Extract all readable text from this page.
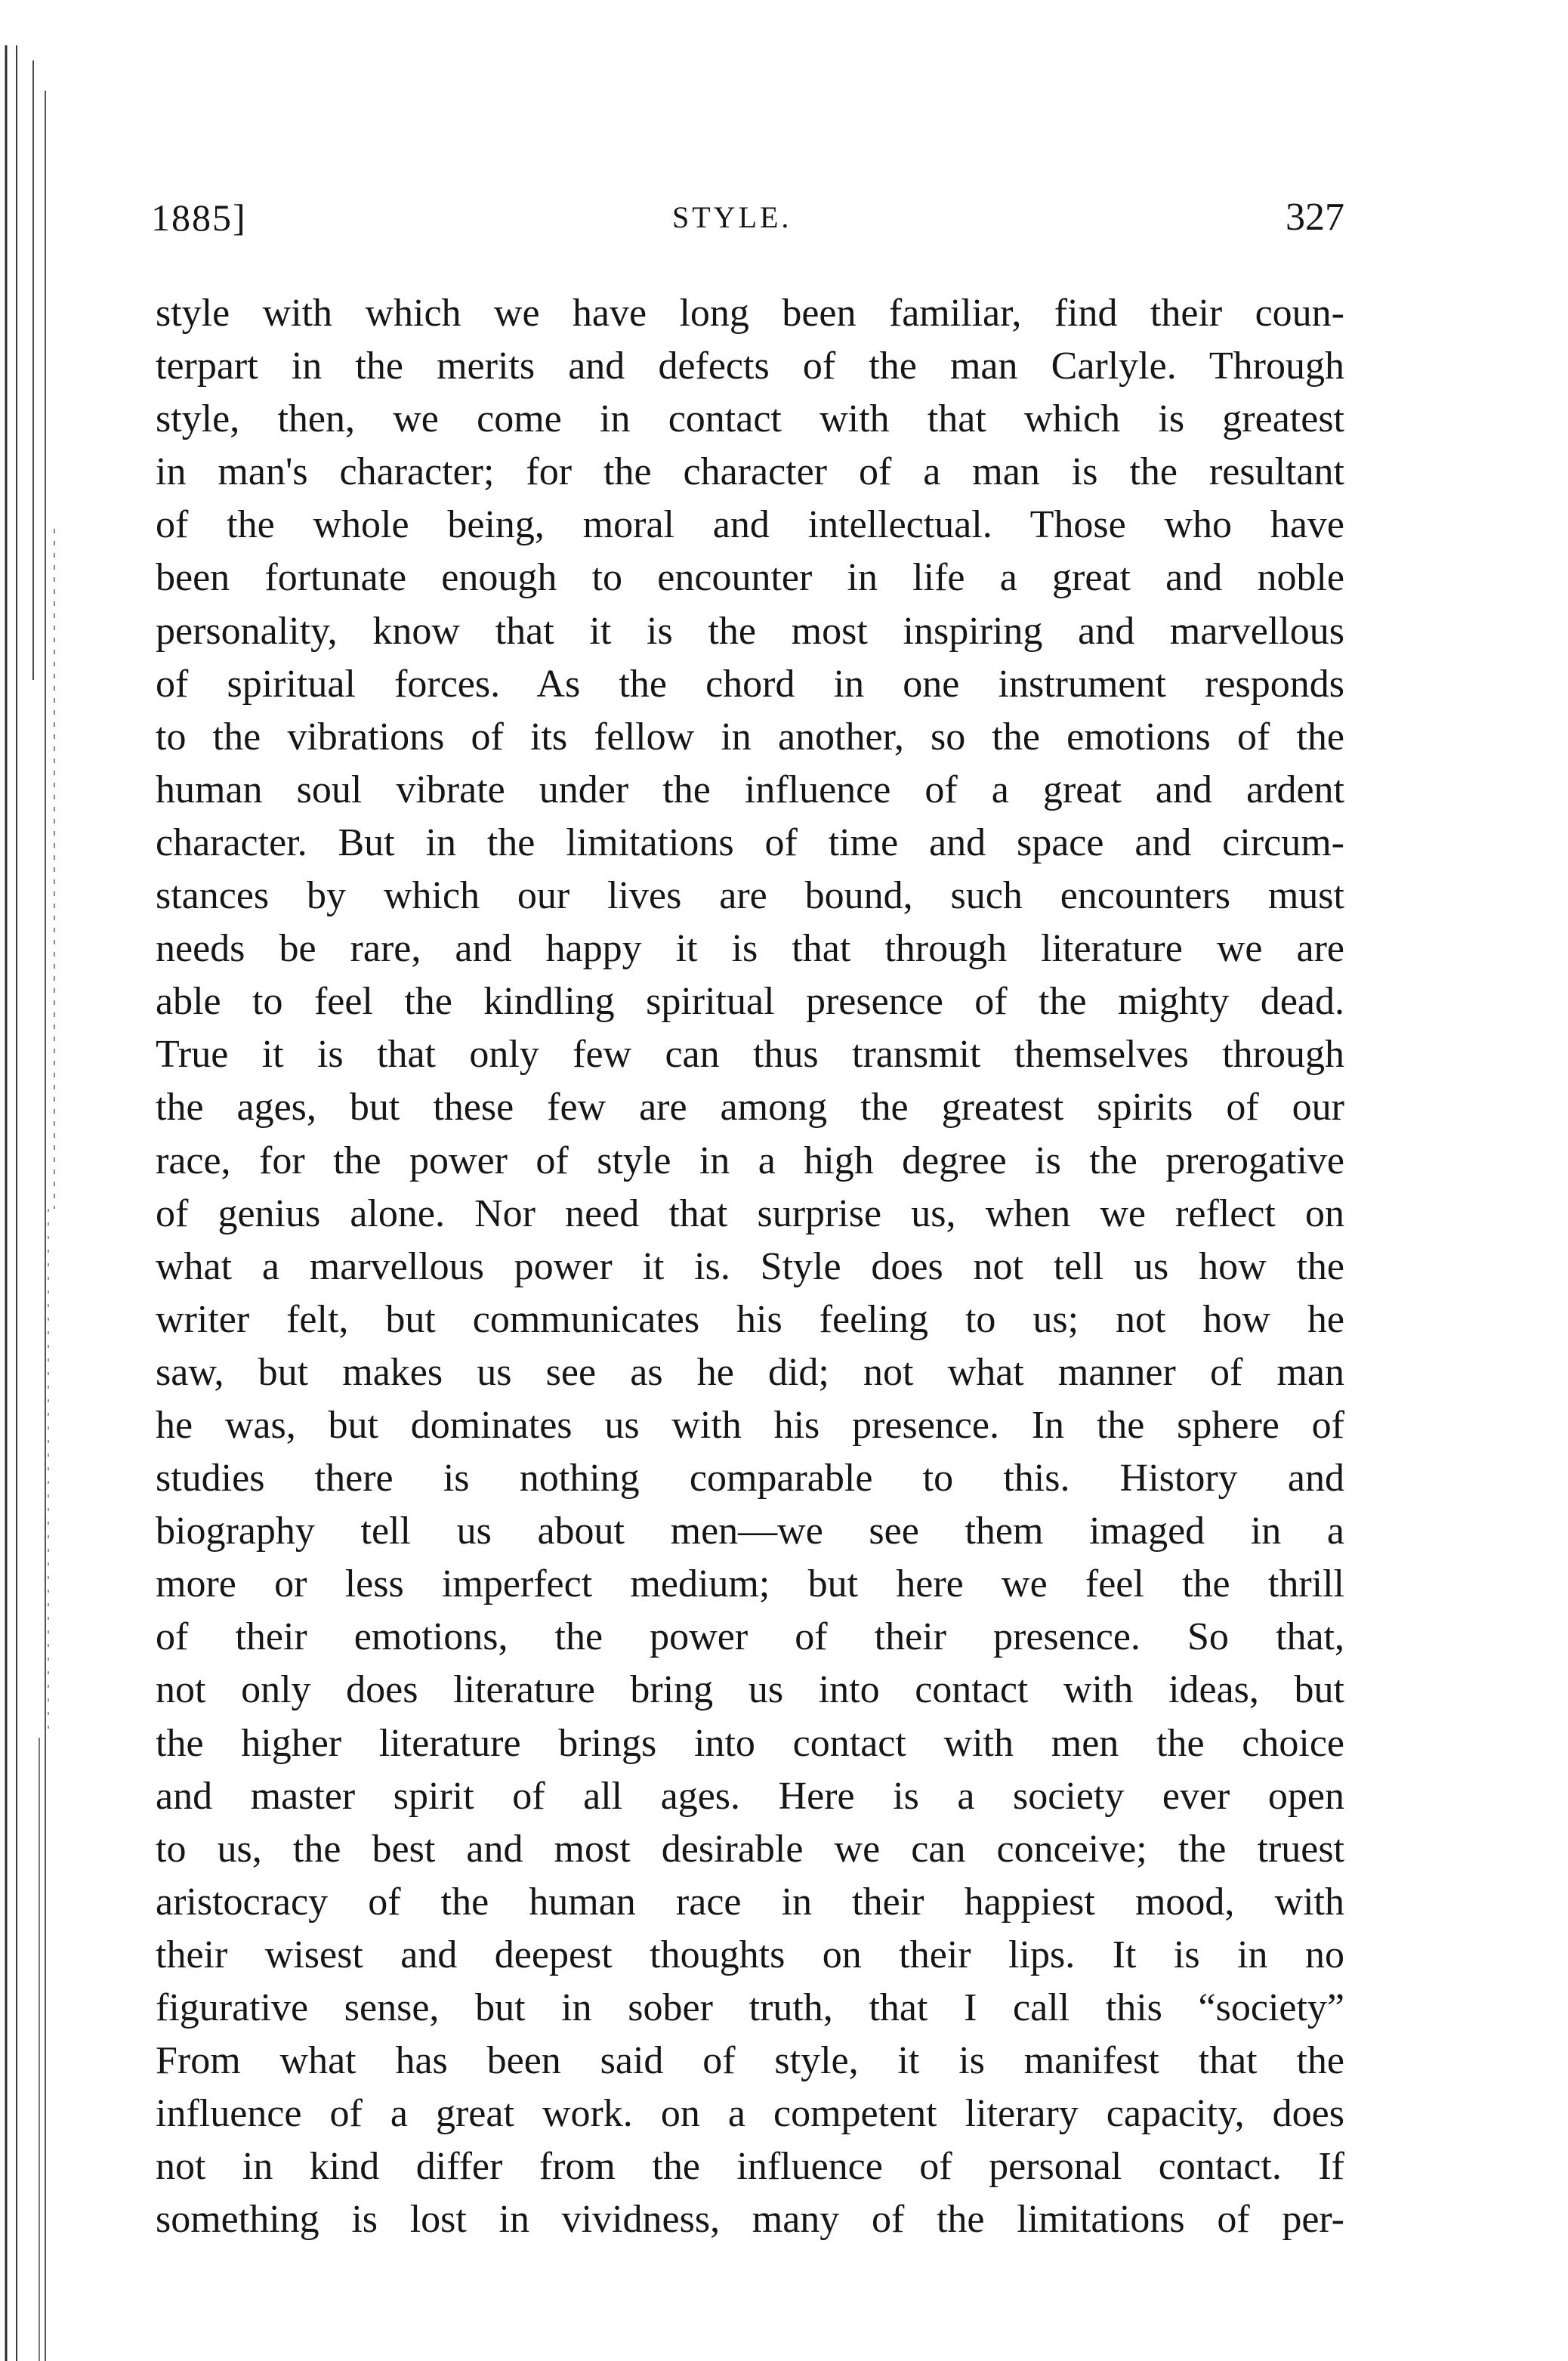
1885]	STYLE.	327
style with which we have long been familiar, find their coun-
terpart in the merits and defects of the man Carlyle. Through
style, then, we come in contact with that which is greatest
in man's character; for the character of a man is the resultant
of the whole being, moral and intellectual. Those who have
been fortunate enough to encounter in life a great and noble
personality, know that it is the most inspiring and marvellous
of spiritual forces. As the chord in one instrument responds
to the vibrations of its fellow in another, so the emotions of the
human soul vibrate under the influence of a great and ardent
character. But in the limitations of time and space and circum-
stances by which our lives are bound, such encounters must
needs be rare, and happy it is that through literature we are
able to feel the kindling spiritual presence of the mighty dead.
True it is that only few can thus transmit themselves through
the ages, but these few are among the greatest spirits of our
race, for the power of style in a high degree is the prerogative
of genius alone. Nor need that surprise us, when we reflect on
what a marvellous power it is. Style does not tell us how the
writer felt, but communicates his feeling to us; not how he
saw, but makes us see as he did; not what manner of man
he was, but dominates us with his presence. In the sphere of
studies there is nothing comparable to this. History and
biography tell us about men—we see them imaged in a
more or less imperfect medium; but here we feel the thrill
of their emotions, the power of their presence. So that,
not only does literature bring us into contact with ideas, but
the higher literature brings into contact with men the choice
and master spirit of all ages. Here is a society ever open
to us, the best and most desirable we can conceive; the truest
aristocracy of the human race in their happiest mood, with
their wisest and deepest thoughts on their lips. It is in no
figurative sense, but in sober truth, that I call this “society”
From what has been said of style, it is manifest that the
influence of a great work. on a competent literary capacity, does
not in kind differ from the influence of personal contact. If
something is lost in vividness, many of the limitations of per-
